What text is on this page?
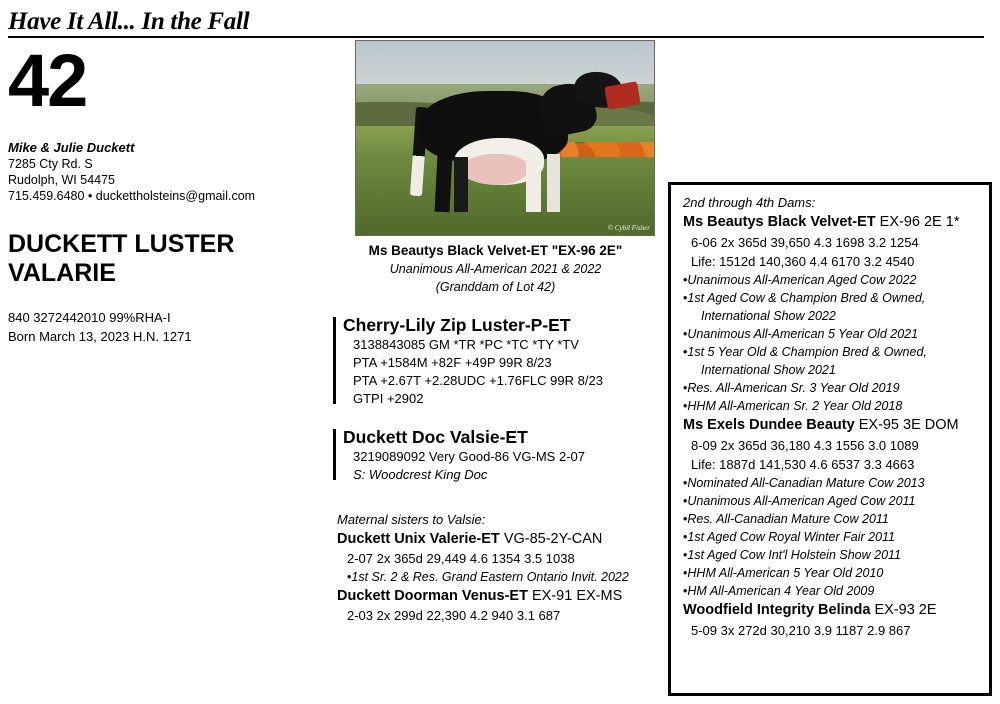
Have It All... In the Fall
42
Mike & Julie Duckett
7285 Cty Rd. S
Rudolph, WI 54475
715.459.6480 • duckettholsteins@gmail.com
DUCKETT LUSTER
VALARIE
840 3272442010 99%RHA-I
Born March 13, 2023 H.N. 1271
© Cybil Fisher
Ms Beautys Black Velvet-ET "EX-96 2E"
Unanimous All-American 2021 & 2022
(Granddam of Lot 42)
Cherry-Lily Zip Luster-P-ET
3138843085 GM *TR *PC *TC *TY *TV
PTA +1584M +82F +49P 99R 8/23
PTA +2.67T +2.28UDC +1.76FLC 99R 8/23
GTPI +2902
Duckett Doc Valsie-ET
3219089092 Very Good-86 VG-MS 2-07
S: Woodcrest King Doc
Maternal sisters to Valsie:
Duckett Unix Valerie-ET VG-85-2Y-CAN
2-07 2x 365d 29,449 4.6 1354 3.5 1038
•1st Sr. 2 & Res. Grand Eastern Ontario Invit. 2022
Duckett Doorman Venus-ET EX-91 EX-MS
2-03 2x 299d 22,390 4.2 940 3.1 687
2nd through 4th Dams:
Ms Beautys Black Velvet-ET EX-96 2E 1*
6-06 2x 365d 39,650 4.3 1698 3.2 1254
Life: 1512d 140,360 4.4 6170 3.2 4540
•Unanimous All-American Aged Cow 2022
•1st Aged Cow & Champion Bred & Owned,
International Show 2022
•Unanimous All-American 5 Year Old 2021
•1st 5 Year Old & Champion Bred & Owned,
International Show 2021
•Res. All-American Sr. 3 Year Old 2019
•HHM All-American Sr. 2 Year Old 2018
Ms Exels Dundee Beauty EX-95 3E DOM
8-09 2x 365d 36,180 4.3 1556 3.0 1089
Life: 1887d 141,530 4.6 6537 3.3 4663
•Nominated All-Canadian Mature Cow 2013
•Unanimous All-American Aged Cow 2011
•Res. All-Canadian Mature Cow 2011
•1st Aged Cow Royal Winter Fair 2011
•1st Aged Cow Int'l Holstein Show 2011
•HHM All-American 5 Year Old 2010
•HM All-American 4 Year Old 2009
Woodfield Integrity Belinda EX-93 2E
5-09 3x 272d 30,210 3.9 1187 2.9 867
